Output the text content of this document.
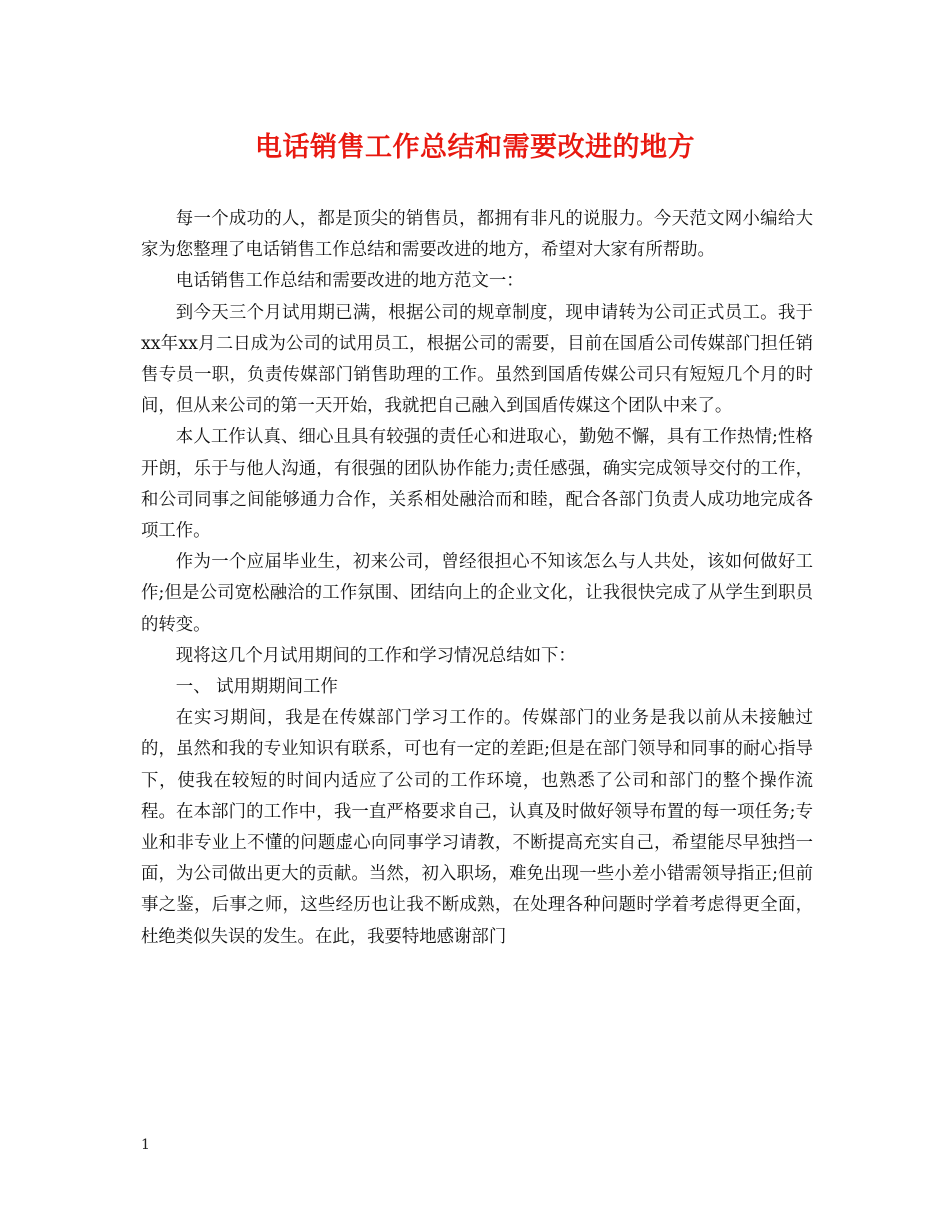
电话销售工作总结和需要改进的地方

每一个成功的人，都是顶尖的销售员，都拥有非凡的说服力。今天范文网小编给大家为您整理了电话销售工作总结和需要改进的地方，希望对大家有所帮助。

电话销售工作总结和需要改进的地方范文一：

到今天三个月试用期已满，根据公司的规章制度，现申请转为公司正式员工。我于xx年xx月二日成为公司的试用员工，根据公司的需要，目前在国盾公司传媒部门担任销售专员一职，负责传媒部门销售助理的工作。虽然到国盾传媒公司只有短短几个月的时间，但从来公司的第一天开始，我就把自己融入到国盾传媒这个团队中来了。

本人工作认真、细心且具有较强的责任心和进取心，勤勉不懈，具有工作热情;性格开朗，乐于与他人沟通，有很强的团队协作能力;责任感强，确实完成领导交付的工作，和公司同事之间能够通力合作，关系相处融洽而和睦，配合各部门负责人成功地完成各项工作。

作为一个应届毕业生，初来公司，曾经很担心不知该怎么与人共处，该如何做好工作;但是公司宽松融洽的工作氛围、团结向上的企业文化，让我很快完成了从学生到职员的转变。

现将这几个月试用期间的工作和学习情况总结如下：

一、 试用期期间工作

在实习期间，我是在传媒部门学习工作的。传媒部门的业务是我以前从未接触过的，虽然和我的专业知识有联系，可也有一定的差距;但是在部门领导和同事的耐心指导下，使我在较短的时间内适应了公司的工作环境，也熟悉了公司和部门的整个操作流程。在本部门的工作中，我一直严格要求自己，认真及时做好领导布置的每一项任务;专业和非专业上不懂的问题虚心向同事学习请教，不断提高充实自己，希望能尽早独挡一面，为公司做出更大的贡献。当然，初入职场，难免出现一些小差小错需领导指正;但前事之鉴，后事之师，这些经历也让我不断成熟，在处理各种问题时学着考虑得更全面，杜绝类似失误的发生。在此，我要特地感谢部门

1
